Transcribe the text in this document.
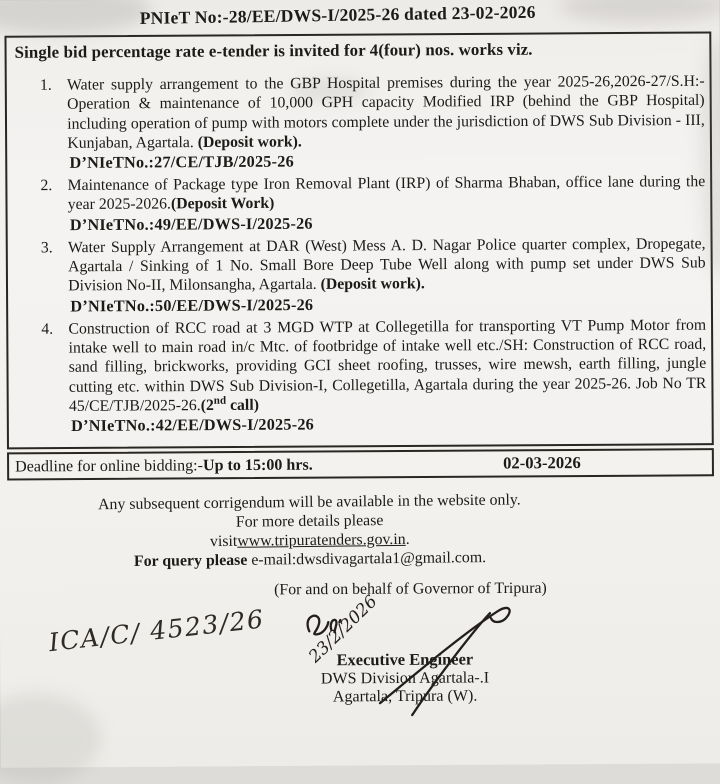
PNIeT No:-28/EE/DWS-I/2025-26 dated 23-02-2026
Single bid percentage rate e-tender is invited for 4(four) nos. works viz.
1. Water supply arrangement to the GBP Hospital premises during the year 2025-26,2026-27/S.H:- Operation & maintenance of 10,000 GPH capacity Modified IRP (behind the GBP Hospital) including operation of pump with motors complete under the jurisdiction of DWS Sub Division - III, Kunjaban, Agartala. (Deposit work).
D’NIeTNo.:27/CE/TJB/2025-26
2. Maintenance of Package type Iron Removal Plant (IRP) of Sharma Bhaban, office lane during the year 2025-2026.(Deposit Work)
D’NIeTNo.:49/EE/DWS-I/2025-26
3. Water Supply Arrangement at DAR (West) Mess A. D. Nagar Police quarter complex, Dropegate, Agartala / Sinking of 1 No. Small Bore Deep Tube Well along with pump set under DWS Sub Division No-II, Milonsangha, Agartala. (Deposit work).
D’NIeTNo.:50/EE/DWS-I/2025-26
4. Construction of RCC road at 3 MGD WTP at Collegetilla for transporting VT Pump Motor from intake well to main road in/c Mtc. of footbridge of intake well etc./SH: Construction of RCC road, sand filling, brickworks, providing GCI sheet roofing, trusses, wire mewsh, earth filling, jungle cutting etc. within DWS Sub Division-I, Collegetilla, Agartala during the year 2025-26. Job No TR 45/CE/TJB/2025-26.(2nd call)
D’NIeTNo.:42/EE/DWS-I/2025-26
Deadline for online bidding:-Up to 15:00 hrs.	02-03-2026
Any subsequent corrigendum will be available in the website only.
For more details please
visitwww.tripuratenders.gov.in.
For query please e-mail:dwsdivagartala1@gmail.com.
(For and on behalf of Governor of Tripura)
ICA/C/ 4523/26
Executive Engineer
DWS Division Agartala-.I
Agartala, Tripura (W).
23/2/2026
